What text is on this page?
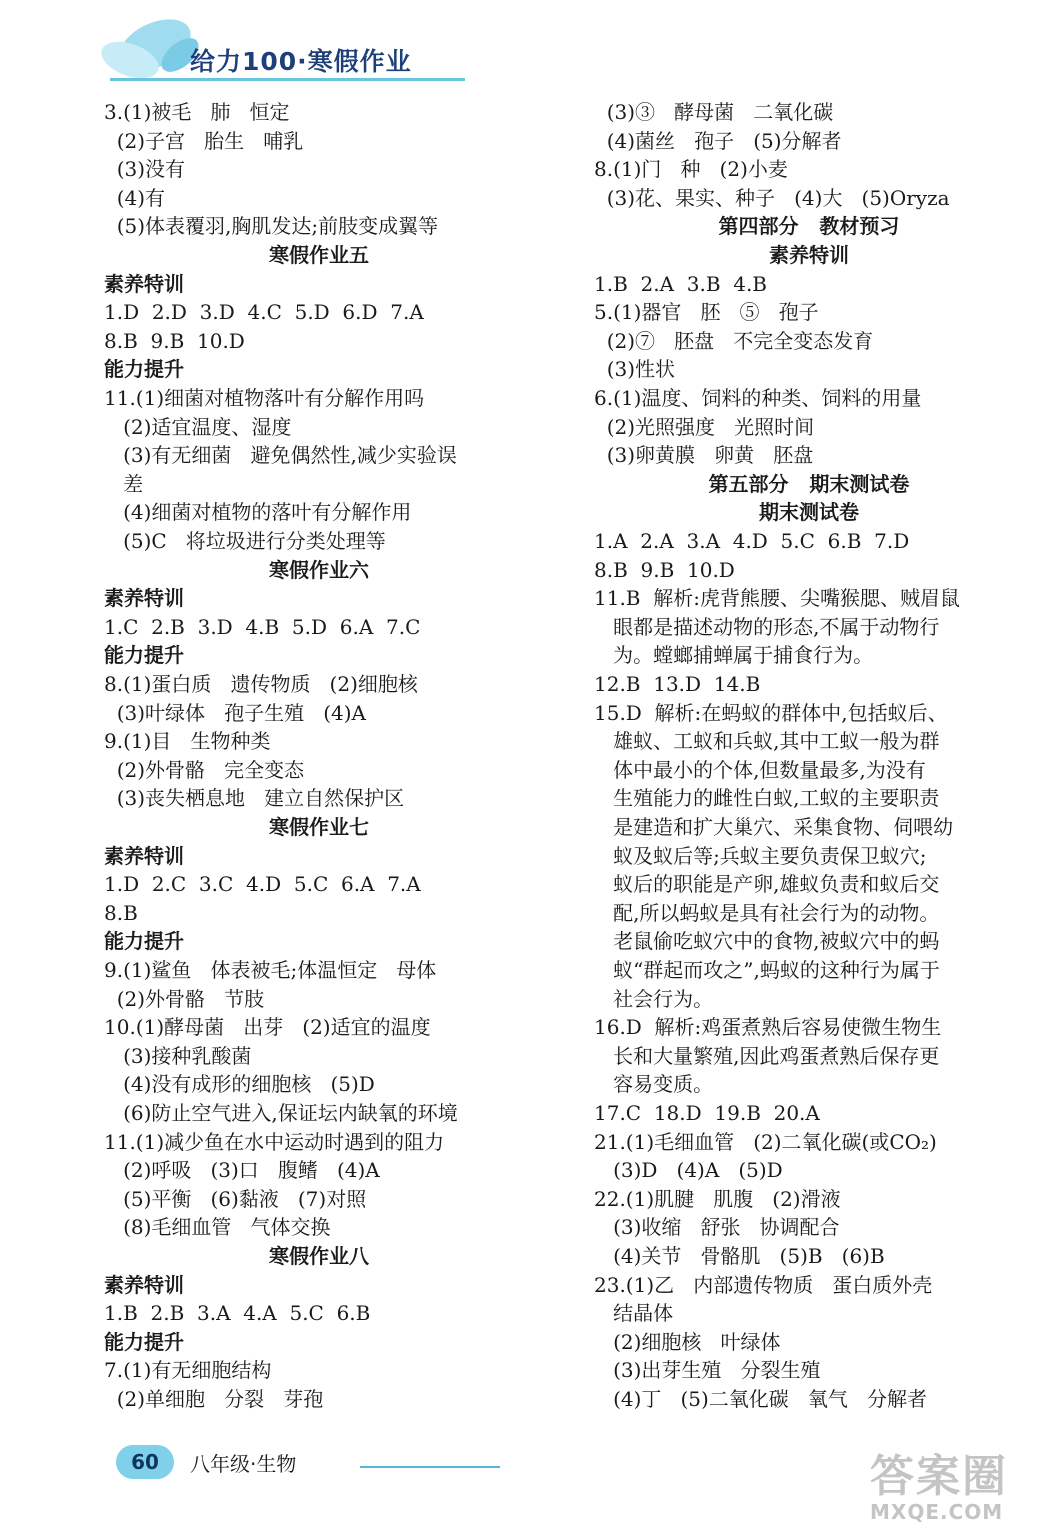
给力100·寒假作业
3.(1)被毛   肺   恒定
(2)子宫   胎生   哺乳
(3)没有
(4)有
(5)体表覆羽,胸肌发达;前肢变成翼等
寒假作业五
素养特训
1.D  2.D  3.D  4.C  5.D  6.D  7.A
8.B  9.B  10.D
能力提升
11.(1)细菌对植物落叶有分解作用吗
(2)适宜温度、湿度
(3)有无细菌   避免偶然性,减少实验误
差
(4)细菌对植物的落叶有分解作用
(5)C   将垃圾进行分类处理等
寒假作业六
素养特训
1.C  2.B  3.D  4.B  5.D  6.A  7.C
能力提升
8.(1)蛋白质   遗传物质   (2)细胞核
(3)叶绿体   孢子生殖   (4)A
9.(1)目   生物种类
(2)外骨骼   完全变态
(3)丧失栖息地   建立自然保护区
寒假作业七
素养特训
1.D  2.C  3.C  4.D  5.C  6.A  7.A
8.B
能力提升
9.(1)鲨鱼   体表被毛;体温恒定   母体
(2)外骨骼   节肢
10.(1)酵母菌   出芽   (2)适宜的温度
(3)接种乳酸菌
(4)没有成形的细胞核   (5)D
(6)防止空气进入,保证坛内缺氧的环境
11.(1)减少鱼在水中运动时遇到的阻力
(2)呼吸   (3)口   腹鳍   (4)A
(5)平衡   (6)黏液   (7)对照
(8)毛细血管   气体交换
寒假作业八
素养特训
1.B  2.B  3.A  4.A  5.C  6.B
能力提升
7.(1)有无细胞结构
(2)单细胞   分裂   芽孢
(3)③   酵母菌   二氧化碳
(4)菌丝   孢子   (5)分解者
8.(1)门   种   (2)小麦
(3)花、果实、种子   (4)大   (5)Oryza
第四部分   教材预习
素养特训
1.B  2.A  3.B  4.B
5.(1)器官   胚   ⑤   孢子
(2)⑦   胚盘   不完全变态发育
(3)性状
6.(1)温度、饲料的种类、饲料的用量
(2)光照强度   光照时间
(3)卵黄膜   卵黄   胚盘
第五部分   期末测试卷
期末测试卷
1.A  2.A  3.A  4.D  5.C  6.B  7.D
8.B  9.B  10.D
11.B  解析:虎背熊腰、尖嘴猴腮、贼眉鼠
眼都是描述动物的形态,不属于动物行
为。螳螂捕蝉属于捕食行为。
12.B  13.D  14.B
15.D  解析:在蚂蚁的群体中,包括蚁后、
雄蚁、工蚁和兵蚁,其中工蚁一般为群
体中最小的个体,但数量最多,为没有
生殖能力的雌性白蚁,工蚁的主要职责
是建造和扩大巢穴、采集食物、伺喂幼
蚁及蚁后等;兵蚁主要负责保卫蚁穴;
蚁后的职能是产卵,雄蚁负责和蚁后交
配,所以蚂蚁是具有社会行为的动物。
老鼠偷吃蚁穴中的食物,被蚁穴中的蚂
蚁“群起而攻之”,蚂蚁的这种行为属于
社会行为。
16.D  解析:鸡蛋煮熟后容易使微生物生
长和大量繁殖,因此鸡蛋煮熟后保存更
容易变质。
17.C  18.D  19.B  20.A
21.(1)毛细血管   (2)二氧化碳(或CO₂)
(3)D   (4)A   (5)D
22.(1)肌腱   肌腹   (2)滑液
(3)收缩   舒张   协调配合
(4)关节   骨骼肌   (5)B   (6)B
23.(1)乙   内部遗传物质   蛋白质外壳
结晶体
(2)细胞核   叶绿体
(3)出芽生殖   分裂生殖
(4)丁   (5)二氧化碳   氧气   分解者
60	八年级·生物	答案圈
MXQE.COM
